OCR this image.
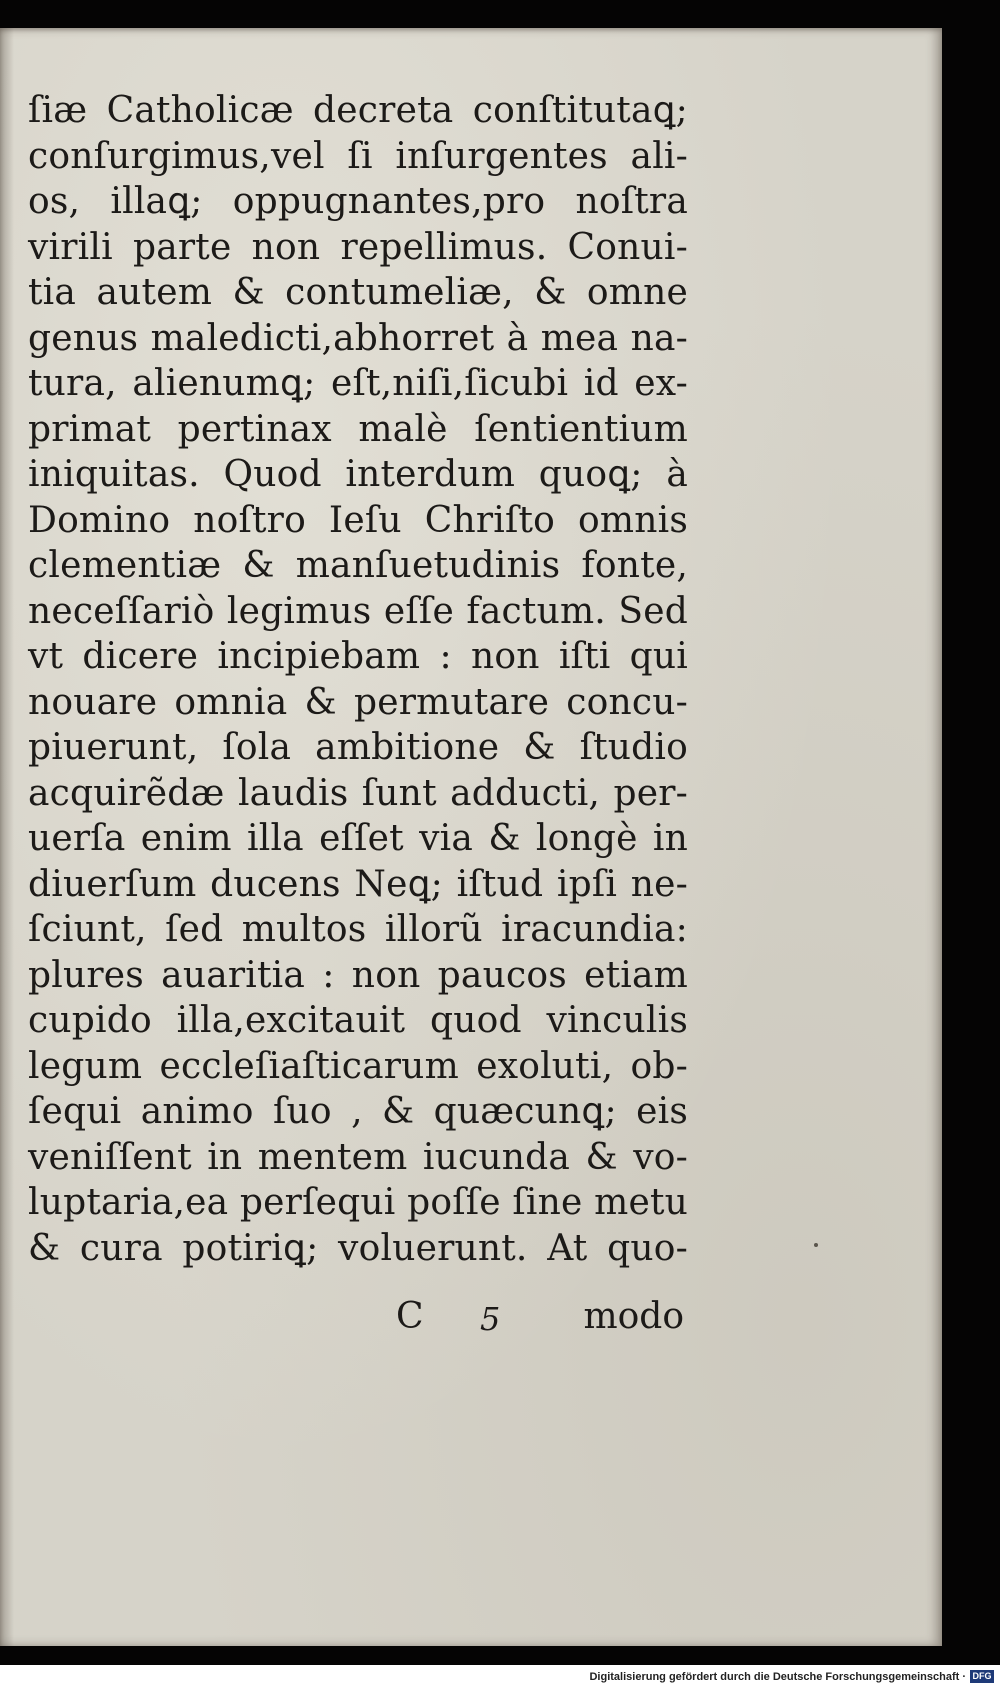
ſiæ Catholicæ decreta conſtitutaꝗ;
conſurgimus,vel ſi inſurgentes ali-
os, illaꝗ; oppugnantes,pro noſtra
virili parte non repellimus. Conui-
tia autem & contumeliæ, & omne
genus maledicti,abhorret à mea na-
tura, alienumꝗ; eſt,niſi,ſicubi id ex-
primat pertinax malè ſentientium
iniquitas. Quod interdum quoꝗ; à
Domino noſtro Ieſu Chriſto omnis
clementiæ & manſuetudinis fonte,
neceſſariò legimus eſſe factum. Sed
vt dicere incipiebam : non iſti qui
nouare omnia & permutare concu-
piuerunt, ſola ambitione & ſtudio
acquirẽdæ laudis ſunt adducti, per-
uerſa enim illa eſſet via & longè in
diuerſum ducens Neꝗ; iſtud ipſi ne-
ſciunt, ſed multos illorũ iracundia:
plures auaritia : non paucos etiam
cupido illa,excitauit quod vinculis
legum eccleſiaſticarum exoluti, ob-
ſequi animo ſuo , & quæcunꝗ; eis
veniſſent in mentem iucunda & vo-
luptaria,ea perſequi poſſe ſine metu
& cura potiriꝗ; voluerunt. At quo-
C 5 modo
Digitalisierung gefördert durch die Deutsche Forschungsgemeinschaft · DFG
